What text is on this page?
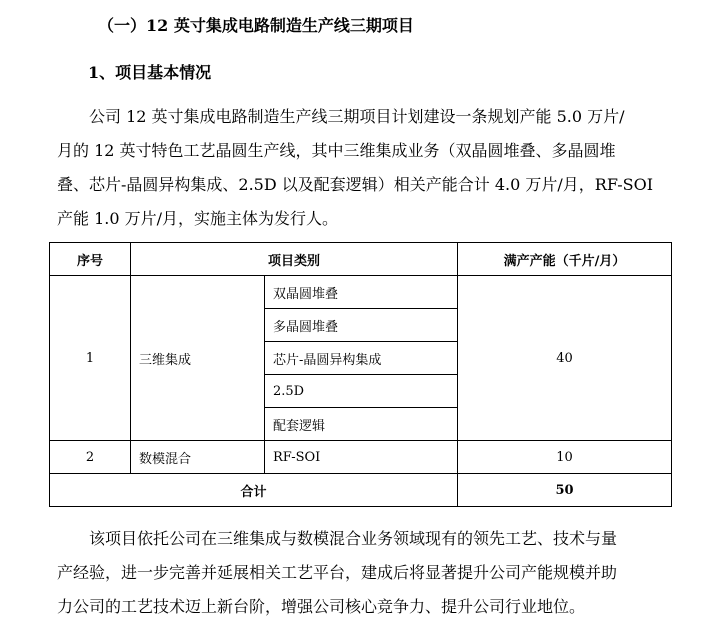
（一）12 英寸集成电路制造生产线三期项目
1、项目基本情况
公司 12 英寸集成电路制造生产线三期项目计划建设一条规划产能 5.0 万片/
月的 12 英寸特色工艺晶圆生产线，其中三维集成业务（双晶圆堆叠、多晶圆堆
叠、芯片-晶圆异构集成、2.5D 以及配套逻辑）相关产能合计 4.0 万片/月，RF-SOI
产能 1.0 万片/月，实施主体为发行人。
序号	项目类别		满产产能（千片/月）
1	三维集成	双晶圆堆叠	40
		多晶圆堆叠	
		芯片-晶圆异构集成	
		2.5D	
		配套逻辑	
2	数模混合	RF-SOI	10
合计			50
该项目依托公司在三维集成与数模混合业务领域现有的领先工艺、技术与量
产经验，进一步完善并延展相关工艺平台，建成后将显著提升公司产能规模并助
力公司的工艺技术迈上新台阶，增强公司核心竞争力、提升公司行业地位。
